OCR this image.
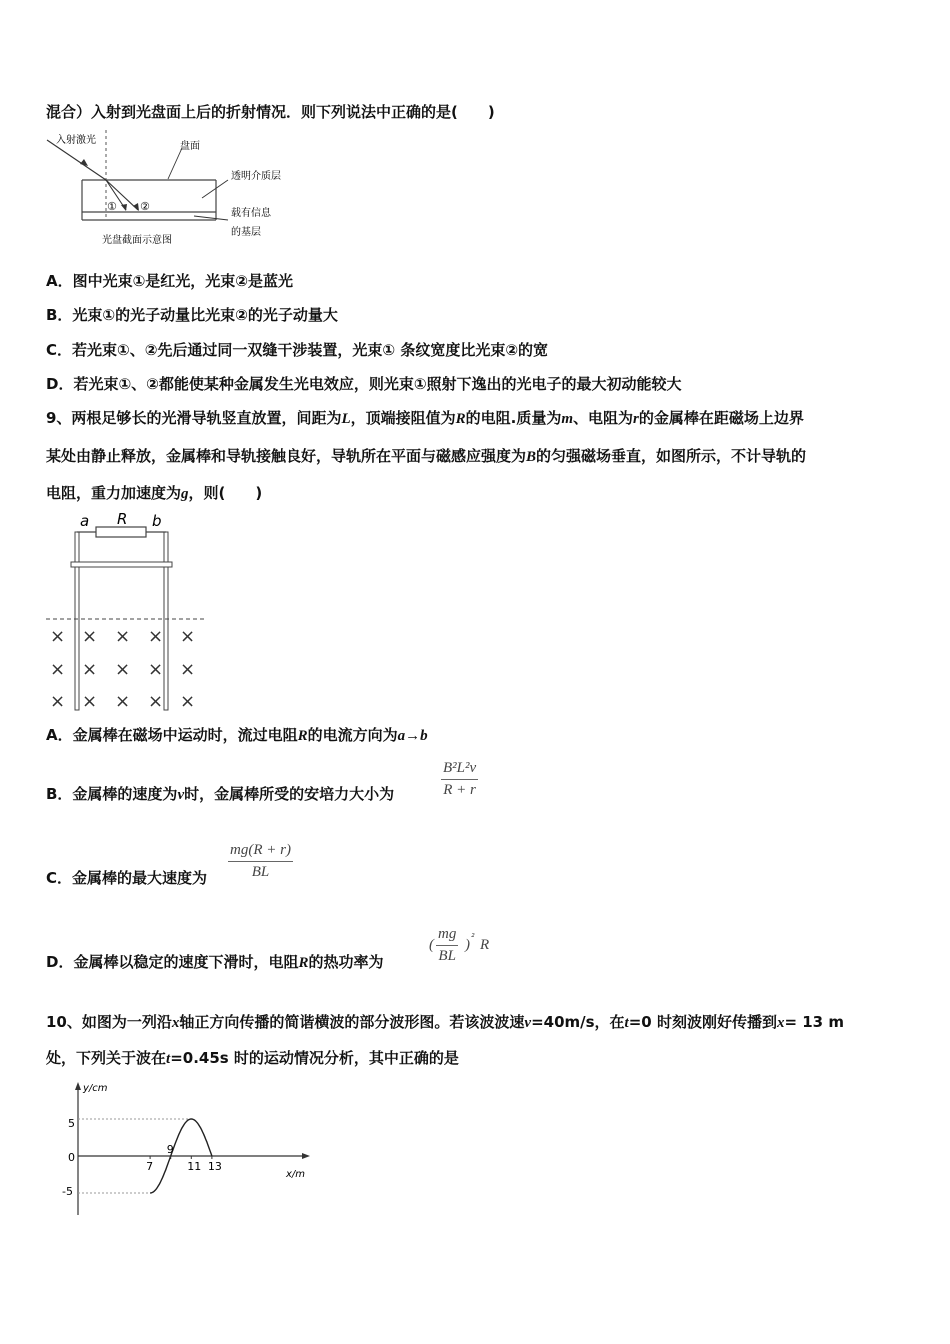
混合）入射到光盘面上后的折射情况．则下列说法中正确的是(　　)
入射激光
盘面
透明介质层
载有信息
的基层
光盘截面示意图
① ②
A．图中光束①是红光，光束②是蓝光
B．光束①的光子动量比光束②的光子动量大
C．若光束①、②先后通过同一双缝干涉装置，光束① 条纹宽度比光束②的宽
D．若光束①、②都能使某种金属发生光电效应，则光束①照射下逸出的光电子的最大初动能较大
9、两根足够长的光滑导轨竖直放置，间距为L，顶端接阻值为R的电阻.质量为m、电阻为r的金属棒在距磁场上边界
某处由静止释放，金属棒和导轨接触良好，导轨所在平面与磁感应强度为B的匀强磁场垂直，如图所示，不计导轨的
电阻，重力加速度为g，则(　　)
a R b
× × × × ×
× × × × ×
× × × × ×
A．金属棒在磁场中运动时，流过电阻R的电流方向为a→b
B．金属棒的速度为v时，金属棒所受的安培力大小为	$\frac{\text{B²L²v}}{R + r}$
C．金属棒的最大速度为 $\frac{mg(R + r)}{BL}$
D．金属棒以稳定的速度下滑时，电阻R的热功率为
( $\frac{mg}{BL}$ ) ² R
10、如图为一列沿x轴正方向传播的简谐横波的部分波形图。若该波波速v=40m/s，在t=0 时刻波刚好传播到x= 13 m
处，下列关于波在t=0.45s 时的运动情况分析，其中正确的是
y/cm
x/m
5
0
-5
7
9
11 13
